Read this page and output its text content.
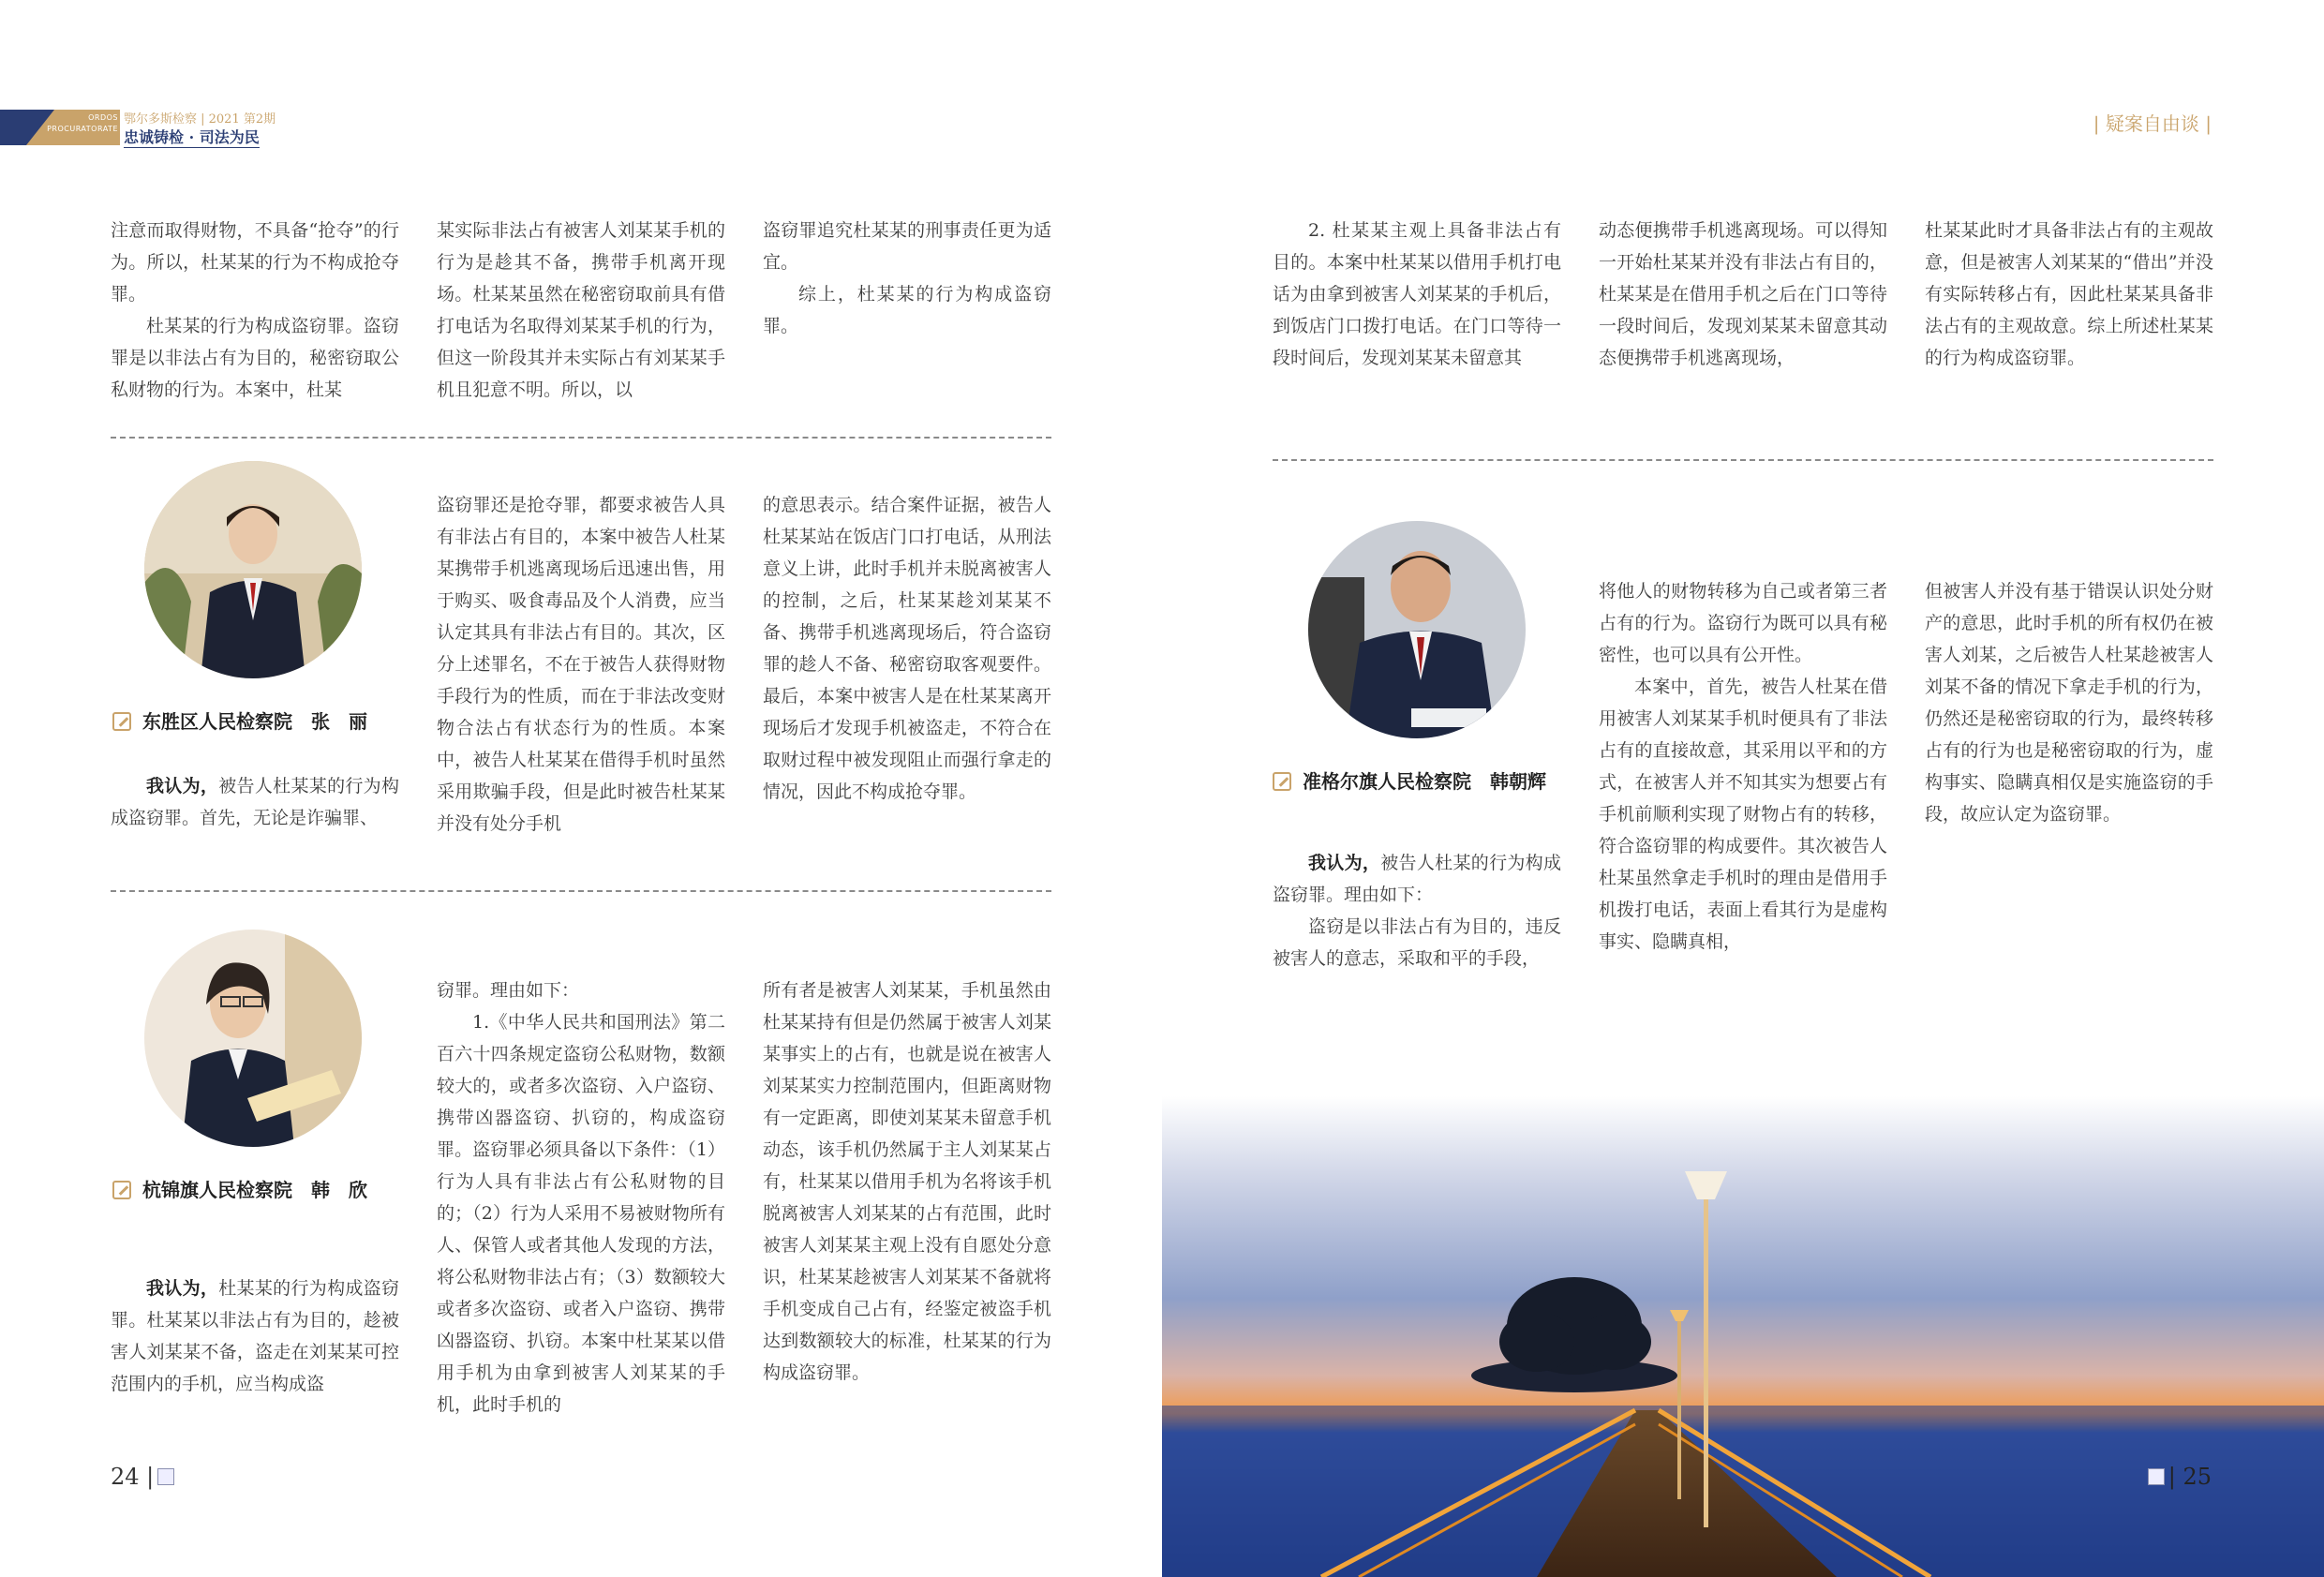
ORDOS
PROCURATORATE
鄂尔多斯检察 | 2021 第2期
忠诚铸检 · 司法为民

注意而取得财物，不具备“抢夺”的行为。所以，杜某某的行为不构成抢夺罪。

杜某某的行为构成盗窃罪。盗窃罪是以非法占有为目的，秘密窃取公私财物的行为。本案中，杜某

某实际非法占有被害人刘某某手机的行为是趁其不备，携带手机离开现场。杜某某虽然在秘密窃取前具有借打电话为名取得刘某某手机的行为，但这一阶段其并未实际占有刘某某手机且犯意不明。所以，以

盗窃罪追究杜某某的刑事责任更为适宜。

综上，杜某某的行为构成盗窃罪。

东胜区人民检察院　张　丽

我认为，被告人杜某某的行为构成盗窃罪。首先，无论是诈骗罪、

盗窃罪还是抢夺罪，都要求被告人具有非法占有目的，本案中被告人杜某某携带手机逃离现场后迅速出售，用于购买、吸食毒品及个人消费，应当认定其具有非法占有目的。其次，区分上述罪名，不在于被告人获得财物手段行为的性质，而在于非法改变财物合法占有状态行为的性质。本案中，被告人杜某某在借得手机时虽然采用欺骗手段，但是此时被告杜某某并没有处分手机

的意思表示。结合案件证据，被告人杜某某站在饭店门口打电话，从刑法意义上讲，此时手机并未脱离被害人的控制，之后，杜某某趁刘某某不备、携带手机逃离现场后，符合盗窃罪的趁人不备、秘密窃取客观要件。最后，本案中被害人是在杜某某离开现场后才发现手机被盗走，不符合在取财过程中被发现阻止而强行拿走的情况，因此不构成抢夺罪。

杭锦旗人民检察院　韩　欣

我认为，杜某某的行为构成盗窃罪。杜某某以非法占有为目的，趁被害人刘某某不备，盗走在刘某某可控范围内的手机，应当构成盗

窃罪。理由如下：

1.《中华人民共和国刑法》第二百六十四条规定盗窃公私财物，数额较大的，或者多次盗窃、入户盗窃、携带凶器盗窃、扒窃的，构成盗窃罪。盗窃罪必须具备以下条件：（1）行为人具有非法占有公私财物的目的；（2）行为人采用不易被财物所有人、保管人或者其他人发现的方法，将公私财物非法占有；（3）数额较大或者多次盗窃、或者入户盗窃、携带凶器盗窃、扒窃。本案中杜某某以借用手机为由拿到被害人刘某某的手机，此时手机的

所有者是被害人刘某某，手机虽然由杜某某持有但是仍然属于被害人刘某某事实上的占有，也就是说在被害人刘某某实力控制范围内，但距离财物有一定距离，即使刘某某未留意手机动态，该手机仍然属于主人刘某某占有，杜某某以借用手机为名将该手机脱离被害人刘某某的占有范围，此时被害人刘某某主观上没有自愿处分意识，杜某某趁被害人刘某某不备就将手机变成自己占有，经鉴定被盗手机达到数额较大的标准，杜某某的行为构成盗窃罪。

24 |
| 疑案自由谈 |

2. 杜某某主观上具备非法占有目的。本案中杜某某以借用手机打电话为由拿到被害人刘某某的手机后，到饭店门口拨打电话。在门口等待一段时间后，发现刘某某未留意其

动态便携带手机逃离现场。可以得知一开始杜某某并没有非法占有目的，杜某某是在借用手机之后在门口等待一段时间后，发现刘某某未留意其动态便携带手机逃离现场，

杜某某此时才具备非法占有的主观故意，但是被害人刘某某的“借出”并没有实际转移占有，因此杜某某具备非法占有的主观故意。综上所述杜某某的行为构成盗窃罪。

准格尔旗人民检察院　韩朝辉

我认为，被告人杜某的行为构成盗窃罪。理由如下：

盗窃是以非法占有为目的，违反被害人的意志，采取和平的手段，

将他人的财物转移为自己或者第三者占有的行为。盗窃行为既可以具有秘密性，也可以具有公开性。

本案中，首先，被告人杜某在借用被害人刘某某手机时便具有了非法占有的直接故意，其采用以平和的方式，在被害人并不知其实为想要占有手机前顺利实现了财物占有的转移，符合盗窃罪的构成要件。其次被告人杜某虽然拿走手机时的理由是借用手机拨打电话，表面上看其行为是虚构事实、隐瞒真相，

但被害人并没有基于错误认识处分财产的意思，此时手机的所有权仍在被害人刘某，之后被告人杜某趁被害人刘某不备的情况下拿走手机的行为，仍然还是秘密窃取的行为，最终转移占有的行为也是秘密窃取的行为，虚构事实、隐瞒真相仅是实施盗窃的手段，故应认定为盗窃罪。

| 25
